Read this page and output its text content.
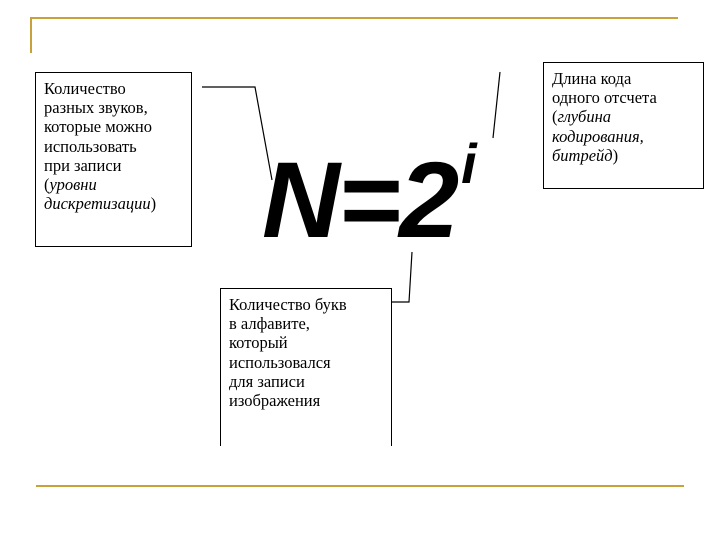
Количество
разных звуков,
которые можно
использовать
при записи
(уровни
дискретизации)
Длина кода
одного отсчета
(глубина
кодирования,
битрейд)
$N=2^i$
Количество букв
в алфавите,
который
использовался
для записи
изображения
